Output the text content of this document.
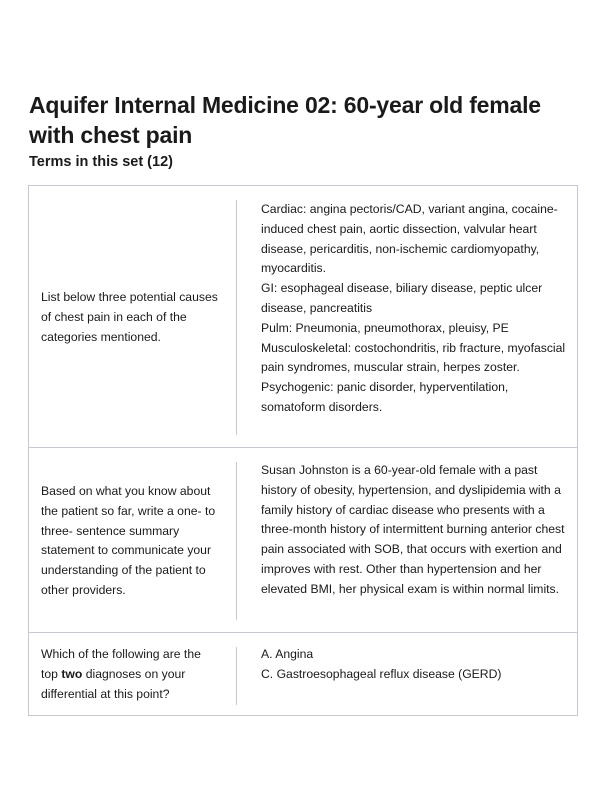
Aquifer Internal Medicine 02: 60-year old female with chest pain
Terms in this set (12)
List below three potential causes of chest pain in each of the categories mentioned.
Cardiac: angina pectoris/CAD, variant angina, cocaine-induced chest pain, aortic dissection, valvular heart disease, pericarditis, non-ischemic cardiomyopathy, myocarditis.
GI: esophageal disease, biliary disease, peptic ulcer disease, pancreatitis
Pulm: Pneumonia, pneumothorax, pleuisy, PE
Musculoskeletal: costochondritis, rib fracture, myofascial pain syndromes, muscular strain, herpes zoster.
Psychogenic: panic disorder, hyperventilation, somatoform disorders.
Based on what you know about the patient so far, write a one- to three- sentence summary statement to communicate your understanding of the patient to other providers.
Susan Johnston is a 60-year-old female with a past history of obesity, hypertension, and dyslipidemia with a family history of cardiac disease who presents with a three-month history of intermittent burning anterior chest pain associated with SOB, that occurs with exertion and improves with rest. Other than hypertension and her elevated BMI, her physical exam is within normal limits.
Which of the following are the top two diagnoses on your differential at this point?
A. Angina
C. Gastroesophageal reflux disease (GERD)
